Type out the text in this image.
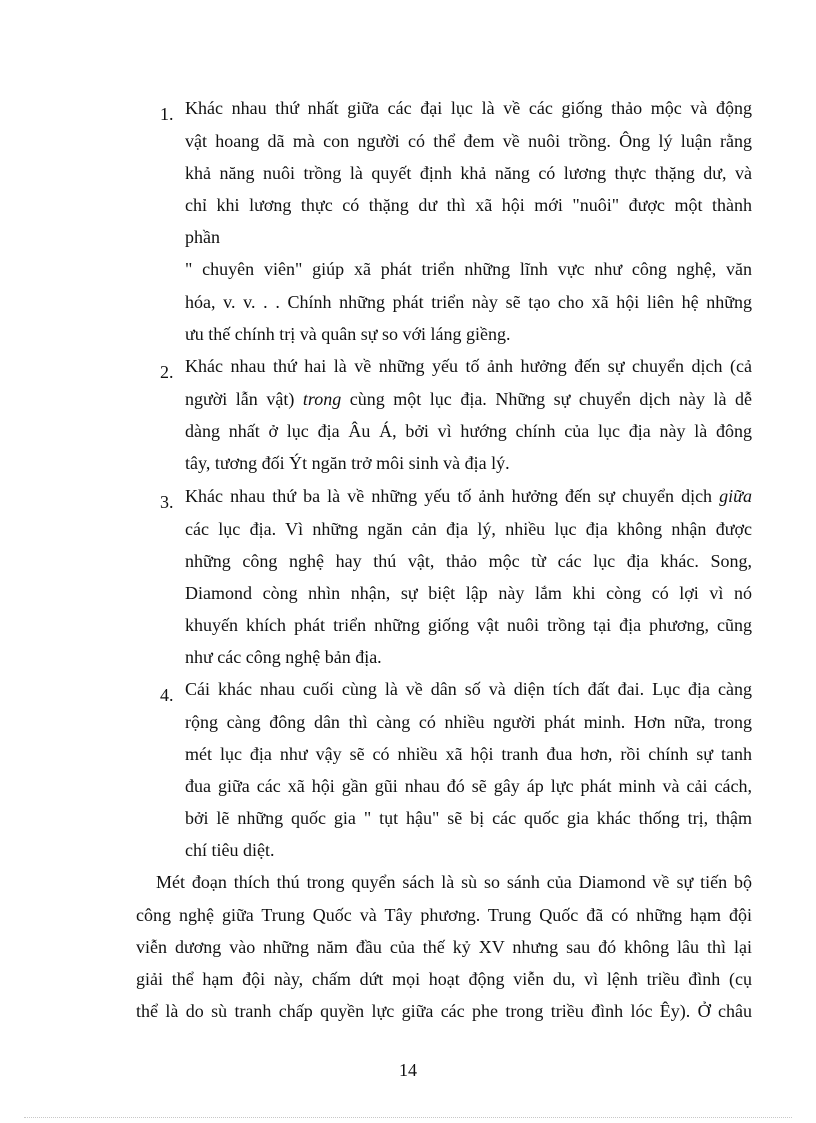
1. Khác nhau thứ nhất giữa các đại lục là về các giống thảo mộc và động
vật hoang dã mà con người có thể đem về nuôi trồng. Ông lý luận rằng
khả năng nuôi trồng là quyết định khả năng có lương thực thặng dư, và
chỉ khi lương thực có thặng dư thì xã hội mới "nuôi" được một thành
phần
" chuyên viên" giúp xã phát triển những lĩnh vực như công nghệ, văn
hóa, v. v. . . Chính những phát triển này sẽ tạo cho xã hội liên hệ những
ưu thế chính trị và quân sự so với láng giềng.
2. Khác nhau thứ hai là về những yếu tố ảnh hưởng đến sự chuyển dịch (cả
người lẫn vật) trong cùng một lục địa. Những sự chuyển dịch này là dễ
dàng nhất ở lục địa Âu Á, bởi vì hướng chính của lục địa này là đông
tây, tương đối Ýt ngăn trở môi sinh và địa lý.
3. Khác nhau thứ ba là về những yếu tố ảnh hưởng đến sự chuyển dịch giữa
các lục địa. Vì những ngăn cản địa lý, nhiều lục địa không nhận được
những công nghệ hay thú vật, thảo mộc từ các lục địa khác. Song,
Diamond còng nhìn nhận, sự biệt lập này lắm khi còng có lợi vì nó
khuyến khích phát triển những giống vật nuôi trồng tại địa phương, cũng
như các công nghệ bản địa.
4. Cái khác nhau cuối cùng là về dân số và diện tích đất đai. Lục địa càng
rộng càng đông dân thì càng có nhiều người phát minh. Hơn nữa, trong
mét lục địa như vậy sẽ có nhiều xã hội tranh đua hơn, rồi chính sự tanh
đua giữa các xã hội gần gũi nhau đó sẽ gây áp lực phát minh và cải cách,
bởi lẽ những quốc gia " tụt hậu" sẽ bị các quốc gia khác thống trị, thậm
chí tiêu diệt.
Mét đoạn thích thú trong quyển sách là sù so sánh của Diamond về sự tiến bộ
công nghệ giữa Trung Quốc và Tây phương. Trung Quốc đã có những hạm đội
viễn dương vào những năm đầu của thế kỷ XV nhưng sau đó không lâu thì lại
giải thể hạm đội này, chấm dứt mọi hoạt động viễn du, vì lệnh triều đình (cụ
thể là do sù tranh chấp quyền lực giữa các phe trong triều đình lóc Êy). Ở châu
14
